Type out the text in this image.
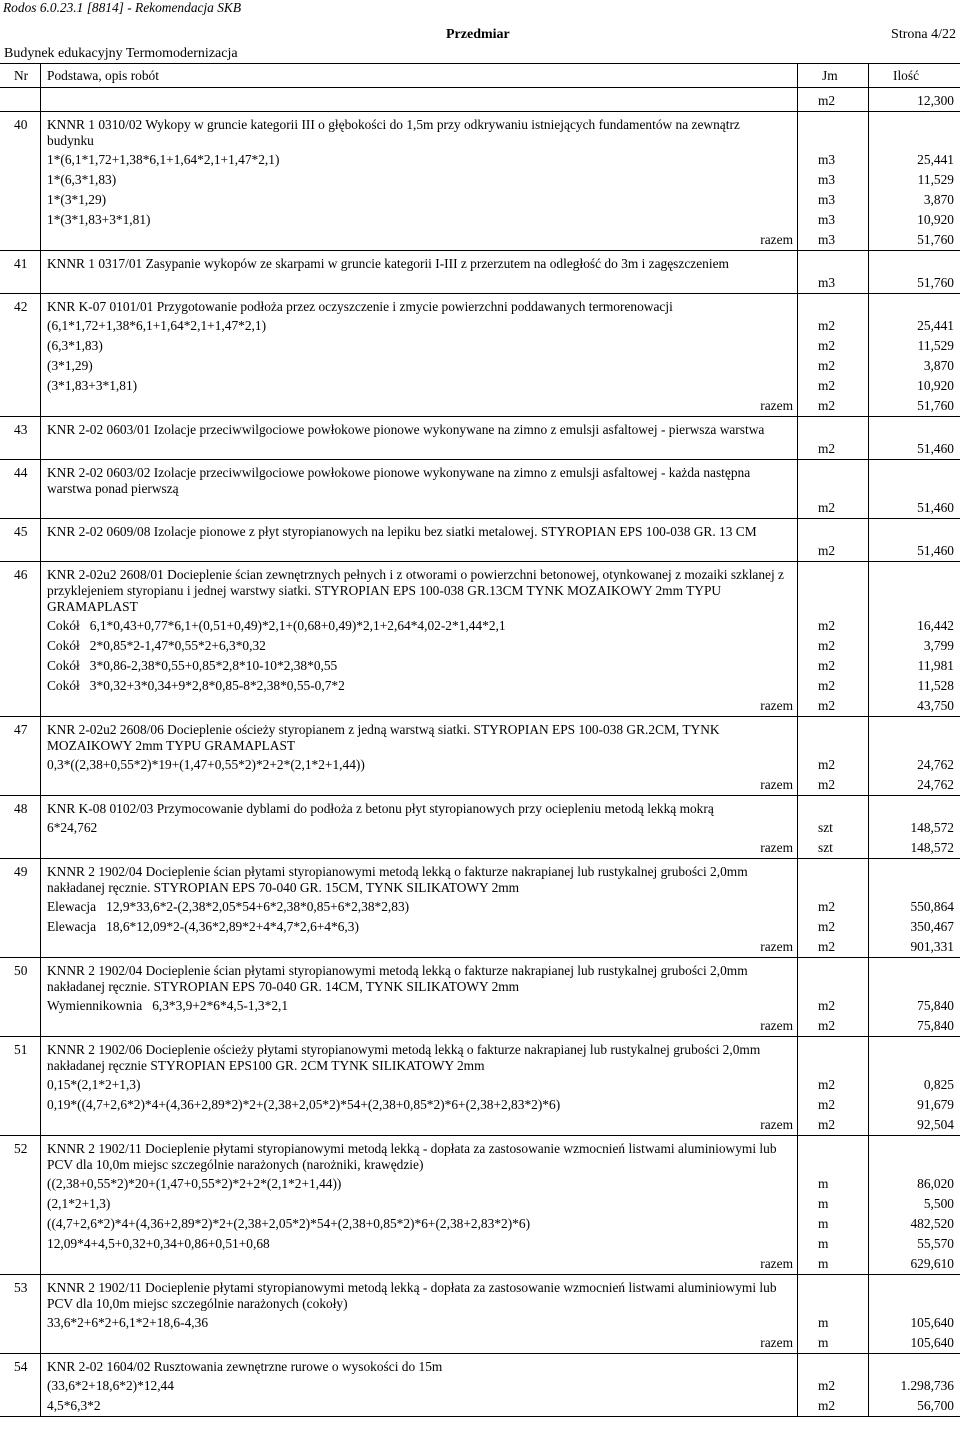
Rodos 6.0.23.1 [8814] - Rekomendacja SKB
Przedmiar	Strona 4/22
Budynek edukacyjny Termomodernizacja
Nr Podstawa, opis robót	Jm	Ilość
m2	12,300
40 KNNR 1 0310/02 Wykopy w gruncie kategorii III o głębokości do 1,5m przy odkrywaniu istniejących fundamentów na zewnątrz budynku
1*(6,1*1,72+1,38*6,1+1,64*2,1+1,47*2,1)	m3	25,441
1*(6,3*1,83)	m3	11,529
1*(3*1,29)	m3	3,870
1*(3*1,83+3*1,81)	m3	10,920
razem m3	51,760
41 KNNR 1 0317/01 Zasypanie wykopów ze skarpami w gruncie kategorii I-III z przerzutem na odległość do 3m i zagęszczeniem
m3	51,760
42 KNR K-07 0101/01 Przygotowanie podłoża przez oczyszczenie i zmycie powierzchni poddawanych termorenowacji
(6,1*1,72+1,38*6,1+1,64*2,1+1,47*2,1)	m2	25,441
(6,3*1,83)	m2	11,529
(3*1,29)	m2	3,870
(3*1,83+3*1,81)	m2	10,920
razem m2	51,760
43 KNR 2-02 0603/01 Izolacje przeciwwilgociowe powłokowe pionowe wykonywane na zimno z emulsji asfaltowej - pierwsza warstwa
m2	51,460
44 KNR 2-02 0603/02 Izolacje przeciwwilgociowe powłokowe pionowe wykonywane na zimno z emulsji asfaltowej - każda następna warstwa ponad pierwszą
m2	51,460
45 KNR 2-02 0609/08 Izolacje pionowe z płyt styropianowych na lepiku bez siatki metalowej. STYROPIAN EPS 100-038 GR. 13 CM
m2	51,460
46 KNR 2-02u2 2608/01 Docieplenie ścian zewnętrznych pełnych i z otworami o powierzchni betonowej, otynkowanej z mozaiki szklanej z przyklejeniem styropianu i jednej warstwy siatki. STYROPIAN EPS 100-038 GR.13CM TYNK MOZAIKOWY 2mm TYPU GRAMAPLAST
Cokół 6,1*0,43+0,77*6,1+(0,51+0,49)*2,1+(0,68+0,49)*2,1+2,64*4,02-2*1,44*2,1	m2	16,442
Cokół 2*0,85*2-1,47*0,55*2+6,3*0,32	m2	3,799
Cokół 3*0,86-2,38*0,55+0,85*2,8*10-10*2,38*0,55	m2	11,981
Cokół 3*0,32+3*0,34+9*2,8*0,85-8*2,38*0,55-0,7*2	m2	11,528
razem m2	43,750
47 KNR 2-02u2 2608/06 Docieplenie ościeży styropianem z jedną warstwą siatki. STYROPIAN EPS 100-038 GR.2CM, TYNK MOZAIKOWY 2mm TYPU GRAMAPLAST
0,3*((2,38+0,55*2)*19+(1,47+0,55*2)*2+2*(2,1*2+1,44))	m2	24,762
razem m2	24,762
48 KNR K-08 0102/03 Przymocowanie dyblami do podłoża z betonu płyt styropianowych przy ociepleniu metodą lekką mokrą
6*24,762	szt	148,572
razem szt	148,572
49 KNNR 2 1902/04 Docieplenie ścian płytami styropianowymi metodą lekką o fakturze nakrapianej lub rustykalnej grubości 2,0mm nakładanej ręcznie. STYROPIAN EPS 70-040 GR. 15CM, TYNK SILIKATOWY 2mm
Elewacja 12,9*33,6*2-(2,38*2,05*54+6*2,38*0,85+6*2,38*2,83)	m2	550,864
Elewacja 18,6*12,09*2-(4,36*2,89*2+4*4,7*2,6+4*6,3)	m2	350,467
razem m2	901,331
50 KNNR 2 1902/04 Docieplenie ścian płytami styropianowymi metodą lekką o fakturze nakrapianej lub rustykalnej grubości 2,0mm nakładanej ręcznie. STYROPIAN EPS 70-040 GR. 14CM, TYNK SILIKATOWY 2mm
Wymiennikownia 6,3*3,9+2*6*4,5-1,3*2,1	m2	75,840
razem m2	75,840
51 KNNR 2 1902/06 Docieplenie ościeży płytami styropianowymi metodą lekką o fakturze nakrapianej lub rustykalnej grubości 2,0mm nakładanej ręcznie STYROPIAN EPS100 GR. 2CM TYNK SILIKATOWY 2mm
0,15*(2,1*2+1,3)	m2	0,825
0,19*((4,7+2,6*2)*4+(4,36+2,89*2)*2+(2,38+2,05*2)*54+(2,38+0,85*2)*6+(2,38+2,83*2)*6)	m2	91,679
razem m2	92,504
52 KNNR 2 1902/11 Docieplenie płytami styropianowymi metodą lekką - dopłata za zastosowanie wzmocnień listwami aluminiowymi lub PCV dla 10,0m miejsc szczególnie narażonych (narożniki, krawędzie)
((2,38+0,55*2)*20+(1,47+0,55*2)*2+2*(2,1*2+1,44))	m	86,020
(2,1*2+1,3)	m	5,500
((4,7+2,6*2)*4+(4,36+2,89*2)*2+(2,38+2,05*2)*54+(2,38+0,85*2)*6+(2,38+2,83*2)*6)	m	482,520
12,09*4+4,5+0,32+0,34+0,86+0,51+0,68	m	55,570
razem m	629,610
53 KNNR 2 1902/11 Docieplenie płytami styropianowymi metodą lekką - dopłata za zastosowanie wzmocnień listwami aluminiowymi lub PCV dla 10,0m miejsc szczególnie narażonych (cokoły)
33,6*2+6*2+6,1*2+18,6-4,36	m	105,640
razem m	105,640
54 KNR 2-02 1604/02 Rusztowania zewnętrzne rurowe o wysokości do 15m
(33,6*2+18,6*2)*12,44	m2	1.298,736
4,5*6,3*2	m2	56,700
